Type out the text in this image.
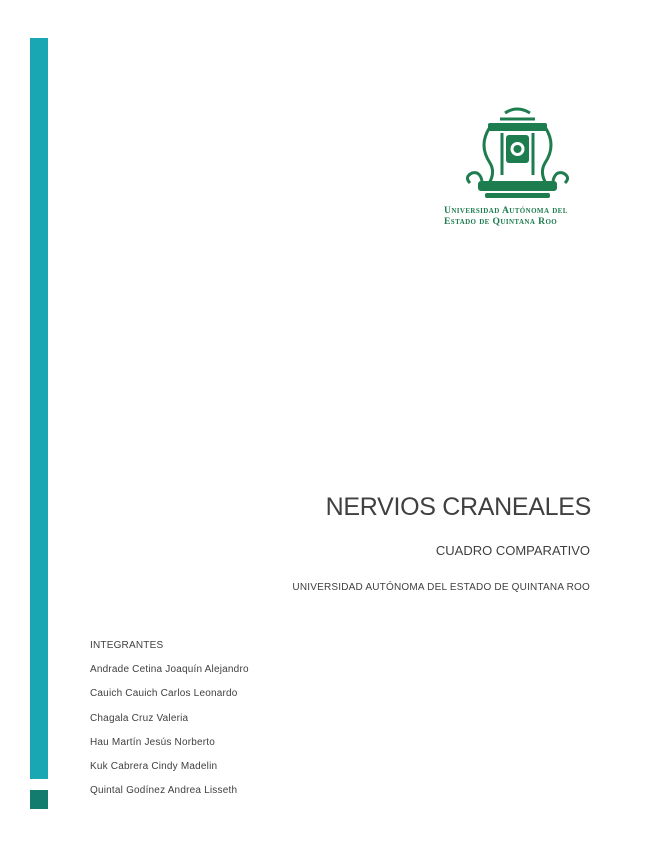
Universidad Autónoma del
Estado de Quintana Roo
NERVIOS CRANEALES
CUADRO COMPARATIVO
UNIVERSIDAD AUTÓNOMA DEL ESTADO DE QUINTANA ROO
INTEGRANTES
Andrade Cetina Joaquín Alejandro
Cauich Cauich Carlos Leonardo
Chagala Cruz Valeria
Hau Martín Jesús Norberto
Kuk Cabrera Cindy Madelin
Quintal Godínez Andrea Lisseth
